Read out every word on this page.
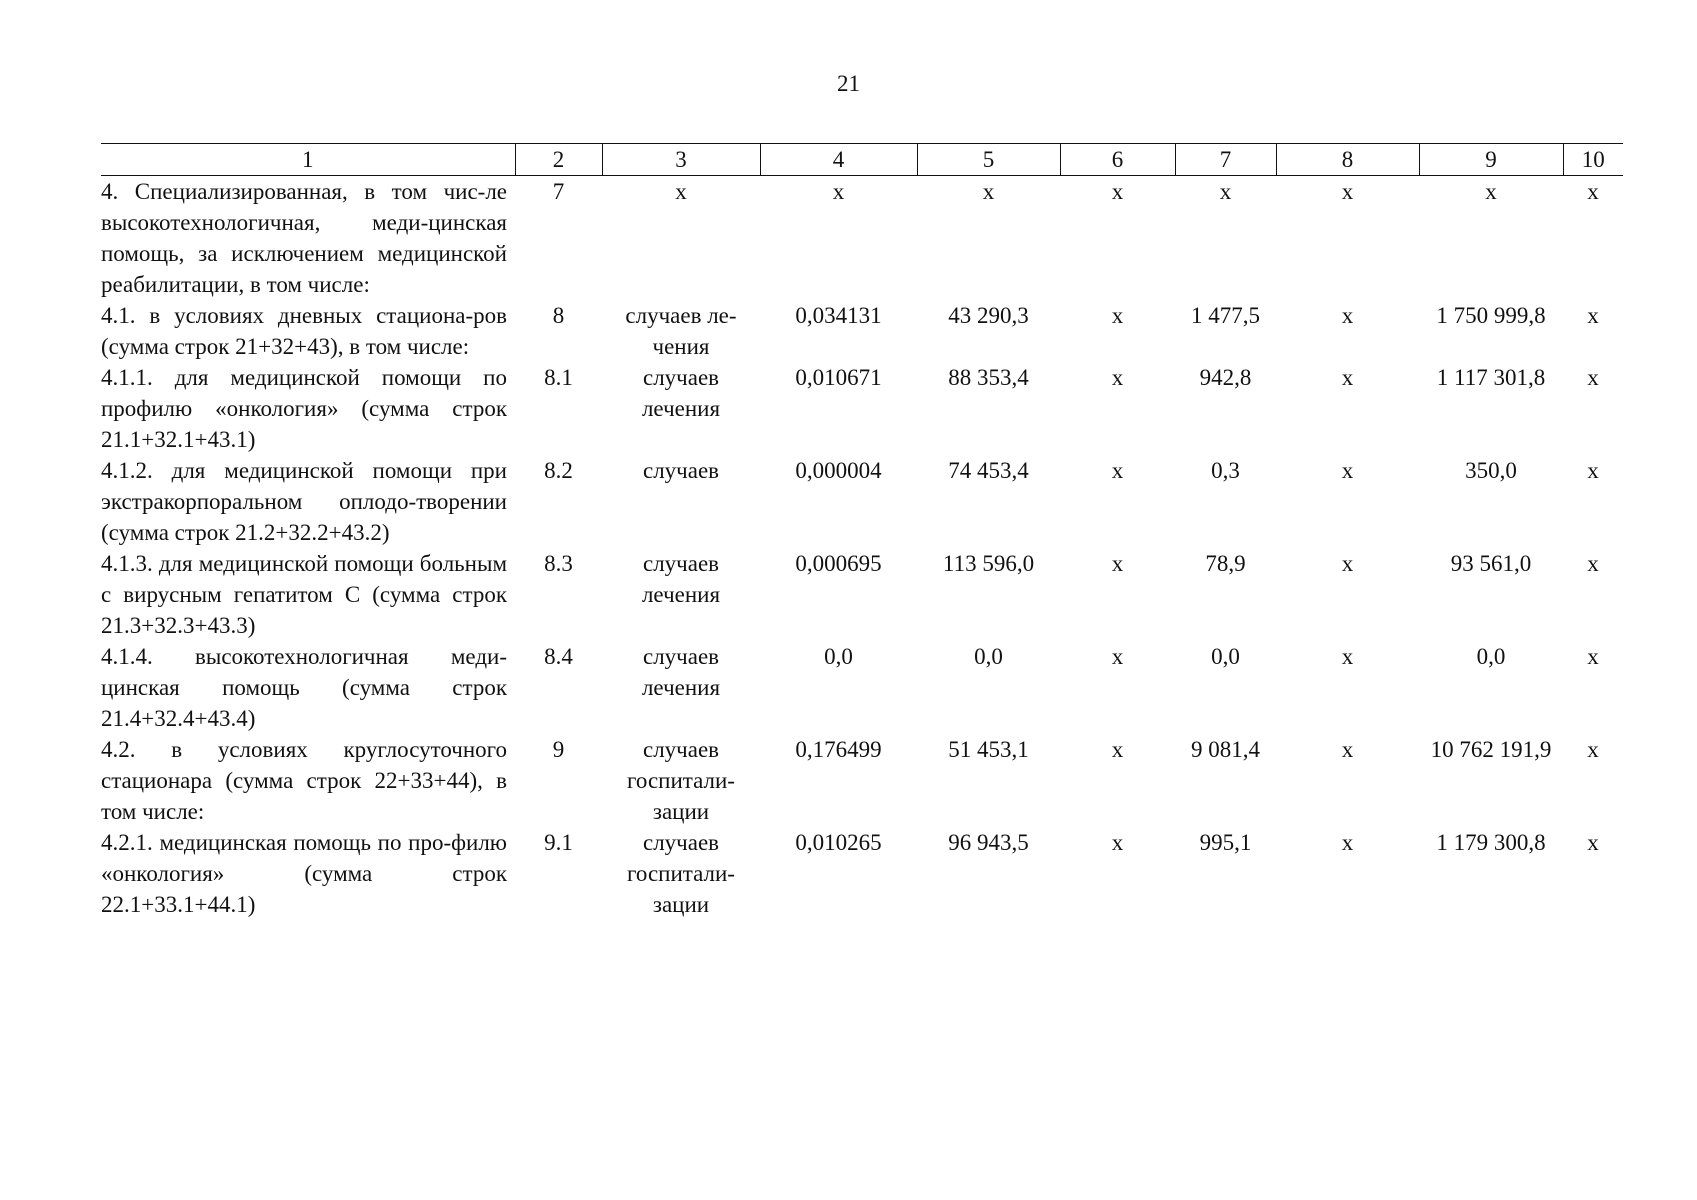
21
1	2	3	4	5	6	7	8	9	10
4. Специализированная, в том чис-ле высокотехнологичная, меди-цинская помощь, за исключением медицинской реабилитации, в том числе:	7	х	х	х	х	х	х	х	х
4.1. в условиях дневных стациона-ров (сумма строк 21+32+43), в том числе:	8	случаев ле-чения	0,034131	43 290,3	х	1 477,5	х	1 750 999,8	х
4.1.1. для медицинской помощи по профилю «онкология» (сумма строк 21.1+32.1+43.1)	8.1	случаев лечения	0,010671	88 353,4	х	942,8	х	1 117 301,8	х
4.1.2. для медицинской помощи при экстракорпоральном оплодо-творении (сумма строк 21.2+32.2+43.2)	8.2	случаев	0,000004	74 453,4	х	0,3	х	350,0	х
4.1.3. для медицинской помощи больным с вирусным гепатитом С (сумма строк 21.3+32.3+43.3)	8.3	случаев лечения	0,000695	113 596,0	х	78,9	х	93 561,0	х
4.1.4. высокотехнологичная меди-цинская помощь (сумма строк 21.4+32.4+43.4)	8.4	случаев лечения	0,0	0,0	х	0,0	х	0,0	х
4.2. в условиях круглосуточного стационара (сумма строк 22+33+44), в том числе:	9	случаев госпитали-зации	0,176499	51 453,1	х	9 081,4	х	10 762 191,9	х
4.2.1. медицинская помощь по про-филю «онкология» (сумма строк 22.1+33.1+44.1)	9.1	случаев госпитали-зации	0,010265	96 943,5	х	995,1	х	1 179 300,8	х
